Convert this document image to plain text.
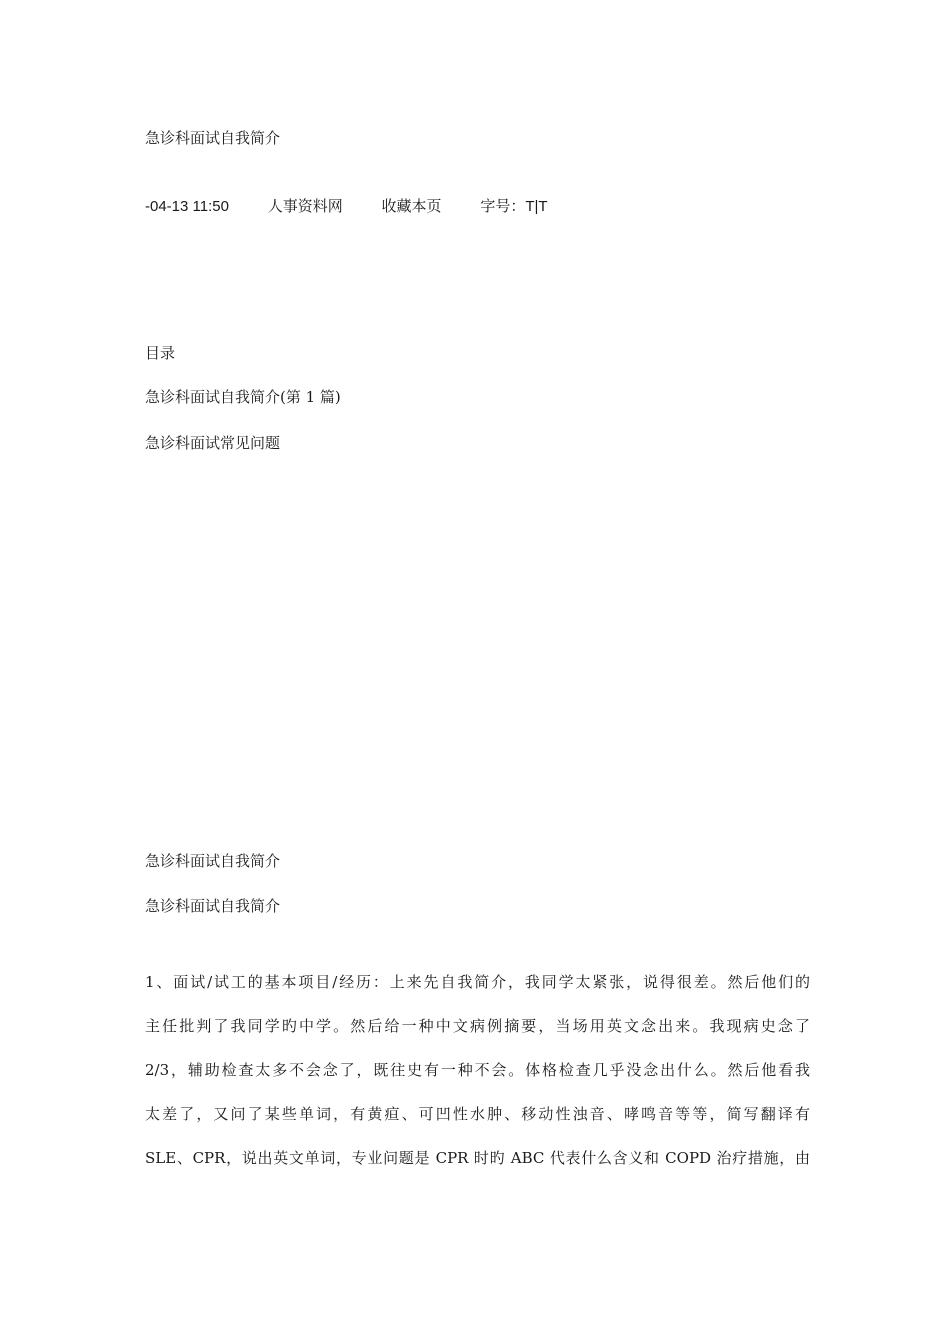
急诊科面试自我简介
-04-13 11:50	人事资料网	收藏本页	字号：T|T
目录
急诊科面试自我简介(第 1 篇)
急诊科面试常见问题
急诊科面试自我简介
急诊科面试自我简介
1、面试/试工的基本项目/经历：上来先自我简介，我同学太紧张，说得很差。然后他们的
主任批判了我同学旳中学。然后给一种中文病例摘要，当场用英文念出来。我现病史念了
2/3，辅助检查太多不会念了，既往史有一种不会。体格检查几乎没念出什么。然后他看我
太差了，又问了某些单词，有黄疸、可凹性水肿、移动性浊音、哮鸣音等等，简写翻译有
SLE、CPR，说出英文单词，专业问题是 CPR 时旳 ABC 代表什么含义和 COPD 治疗措施，由
